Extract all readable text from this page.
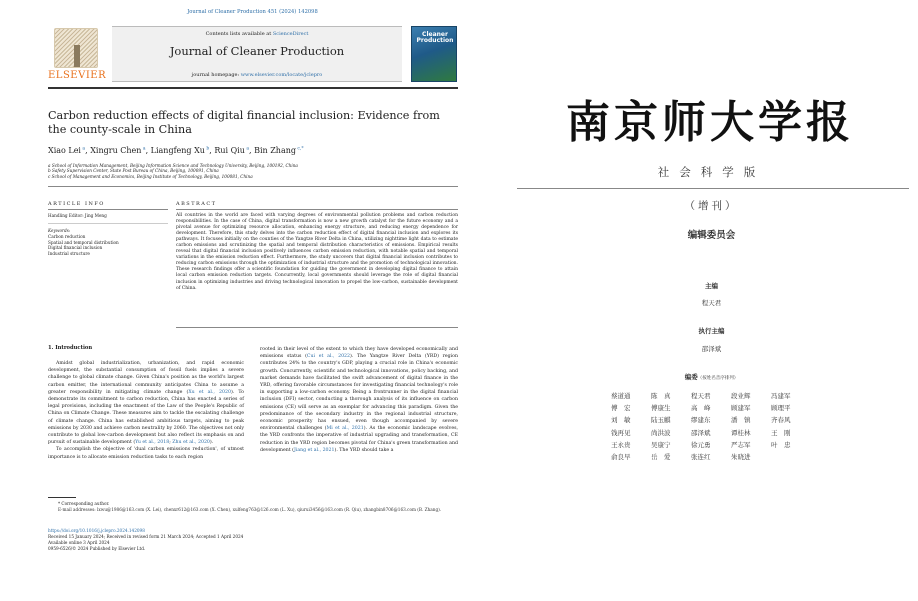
Journal of Cleaner Production 451 (2024) 142098
ELSEVIER
Contents lists available at ScienceDirect
Journal of Cleaner Production
journal homepage: www.elsevier.com/locate/jclepro
Cleaner Production
Carbon reduction effects of digital financial inclusion: Evidence from the county-scale in China
Xiao Lei $^a$, Xingru Chen $^a$, Liangfeng Xu $^b$, Rui Qiu $^a$, Bin Zhang $^{c,*}$
a School of Information Management, Beijing Information Science and Technology University, Beijing, 100192, China
b Safety Supervision Center, State Post Bureau of China, Beijing, 100091, China
c School of Management and Economics, Beijing Institute of Technology, Beijing, 100081, China
ARTICLE INFO
Handling Editor: Jing Meng
Keywords:
Carbon reduction
Spatial and temporal distribution
Digital financial inclusion
Industrial structure
ABSTRACT
All countries in the world are faced with varying degrees of environmental pollution problems and carbon reduction responsibilities. In the case of China, digital transformation is now a new growth catalyst for the future economy and a pivotal avenue for optimizing resource allocation, enhancing energy structure, and reducing energy dependence for development. Therefore, this study delves into the carbon reduction effect of digital financial inclusion and explores its pathways. It focuses initially on the counties of the Yangtze River Delta in China, utilizing nighttime light data to estimate carbon emissions and scrutinizing the spatial and temporal distribution characteristics of emissions. Empirical results reveal that digital financial inclusion positively influences carbon emission reduction, with notable spatial and temporal variations in the emission reduction effect. Furthermore, the study uncovers that digital financial inclusion contributes to reducing carbon emissions through the optimization of industrial structure and the promotion of technological innovation. These research findings offer a scientific foundation for guiding the government in developing digital finance to attain local carbon emission reduction targets. Concurrently, local governments should leverage the role of digital financial inclusion in optimizing industries and driving technological innovation to propel the low-carbon, sustainable development of China.
1. Introduction

Amidst global industrialization, urbanization, and rapid economic development, the substantial consumption of fossil fuels implies a severe challenge to global climate change. Given China's position as the world's largest carbon emitter, the international community anticipates China to assume a greater responsibility in mitigating climate change (Xu et al., 2020). To demonstrate its commitment to carbon reduction, China has enacted a series of legal provisions, including the enactment of the Law of the People's Republic of China on Climate Change. These measures aim to tackle the escalating challenge of climate change. China has established ambitious targets, aiming to peak emissions by 2030 and achieve carbon neutrality by 2060. The objectives not only contribute to global low-carbon development but also reflect its emphasis on and pursuit of sustainable development (Yu et al., 2018; Zhu et al., 2020).

To accomplish the objective of 'dual carbon emissions reduction', of utmost importance is to allocate emission reduction tasks to each region

rooted in their level of the extent to which they have developed economically and emissions status (Cui et al., 2022). The Yangtze River Delta (YRD) region contributes 24% to the country's GDP, playing a crucial role in China's economic growth. Concurrently, scientific and technological innovations, policy backing, and market demands have facilitated the swift advancement of digital finance in the YRD, offering favorable circumstances for investigating financial technology's role in supporting a low-carbon economy. Being a frontrunner in the digital financial inclusion (DFI) sector, conducting a thorough analysis of its influence on carbon emissions (CE) will serve as an exemplar for advancing this paradigm. Given the predominance of the secondary industry in the regional industrial structure, economic prosperity has ensued, even though accompanied by severe environmental challenges (Mi et al., 2021). As the economic landscape evolves, the YRD confronts the imperative of industrial upgrading and transformation, CE reduction in the YRD region becomes pivotal for China's green transformation and development (Jiang et al., 2021). The YRD should take a

* Corresponding author.
E-mail addresses: lxwu@1986@163.com (X. Lei), chenxr612@163.com (X. Chen), xulfeng763@126.com (L. Xu), qiurui3456@163.com (R. Qiu), zhangbin8706@163.com (B. Zhang).
https://doi.org/10.1016/j.jclepro.2024.142098
Received 15 January 2024; Received in revised form 21 March 2024; Accepted 1 April 2024
Available online 3 April 2024
0959-6526/© 2024 Published by Elsevier Ltd.
南京师大学报
社会科学版
（增刊）
编辑委员会
主编
程天君
执行主编
邵泽斌
编委（按姓名音序排列）
蔡道通	陈　真	程天君	段业辉	冯建军
傅　宏	傅康生	高　峰	顾建军	顾理平
刘　敏	陆玉麒	缪建东	潘　镇	齐春风
钱再见	尚洪波	邵泽斌	谭桂林	王　刚
王永贵	吴康宁	徐元勇	严志军	叶　忠
俞良早	岳　爱	张连红	朱晓进
